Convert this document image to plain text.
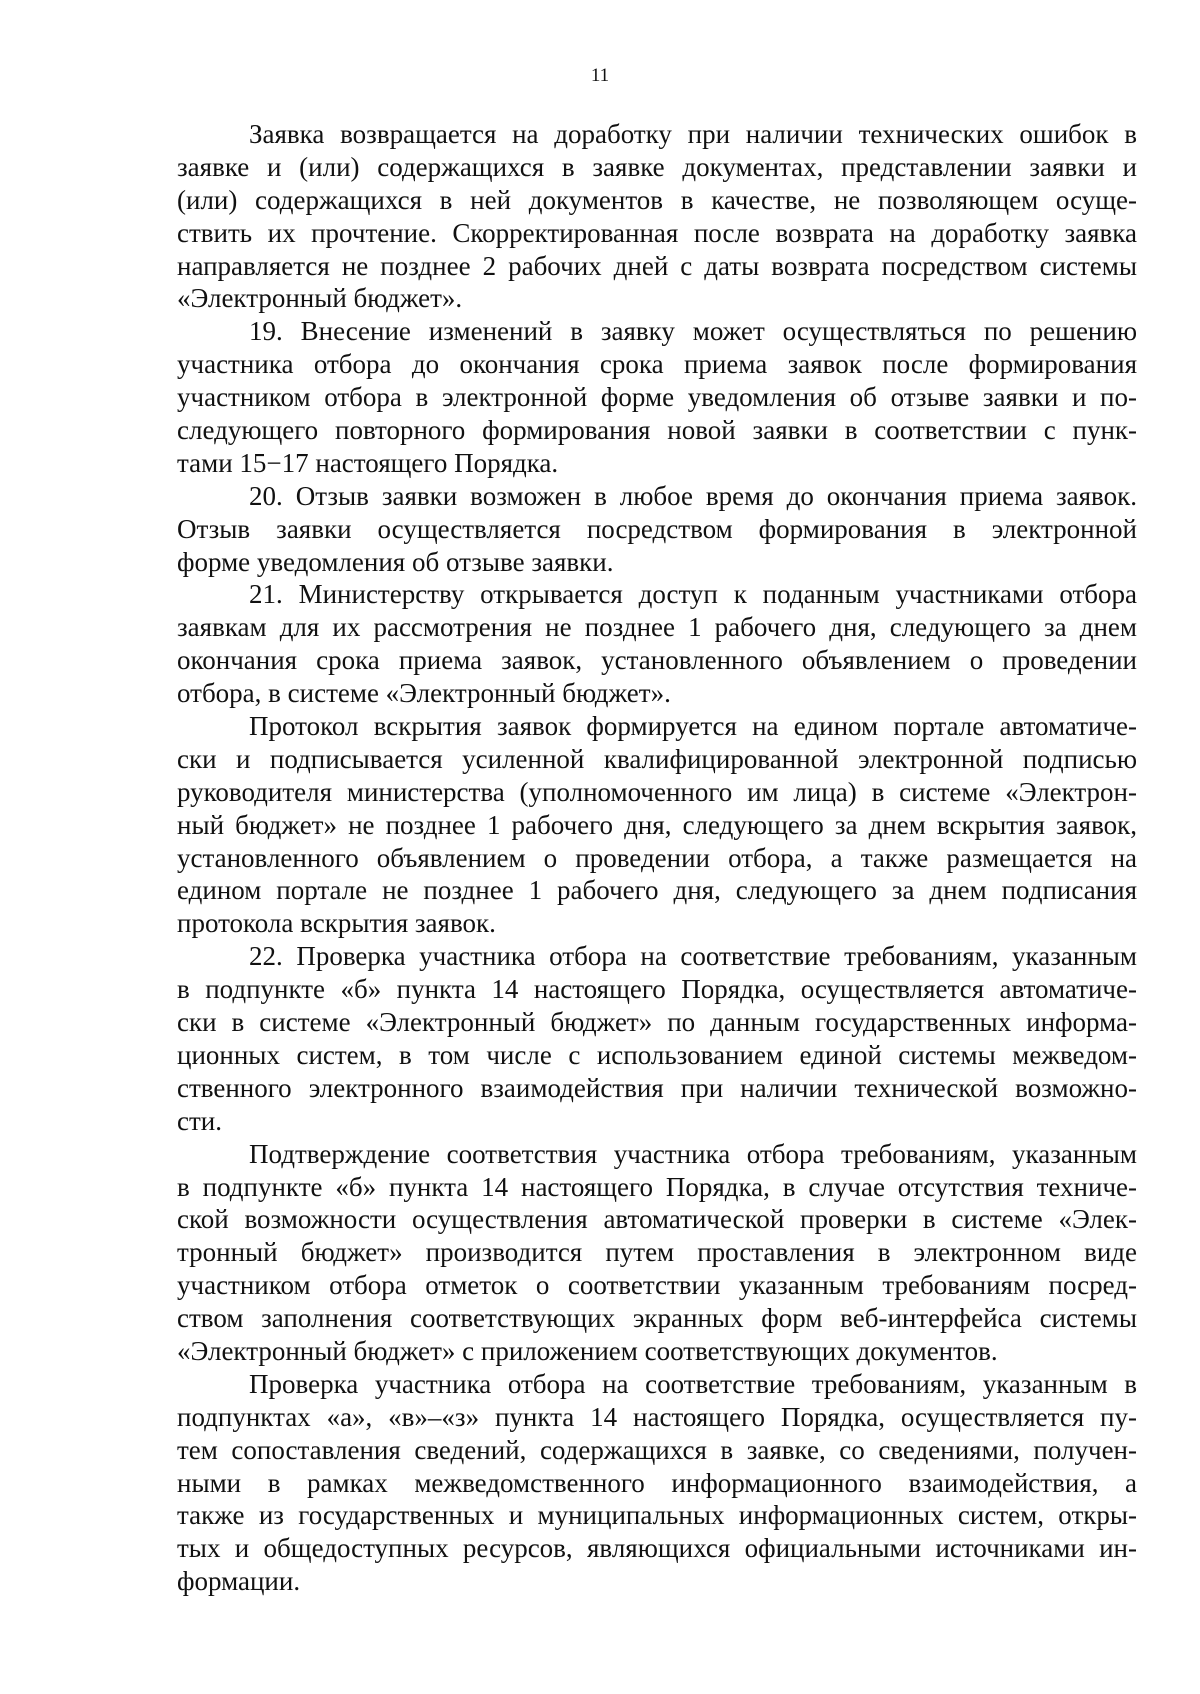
11
Заявка возвращается на доработку при наличии технических ошибок в
заявке и (или) содержащихся в заявке документах, представлении заявки и
(или) содержащихся в ней документов в качестве, не позволяющем осуще-
ствить их прочтение. Скорректированная после возврата на доработку заявка
направляется не позднее 2 рабочих дней с даты возврата посредством системы
«Электронный бюджет».
19. Внесение изменений в заявку может осуществляться по решению
участника отбора до окончания срока приема заявок после формирования
участником отбора в электронной форме уведомления об отзыве заявки и по-
следующего повторного формирования новой заявки в соответствии с пунк-
тами 15−17 настоящего Порядка.
20. Отзыв заявки возможен в любое время до окончания приема заявок.
Отзыв заявки осуществляется посредством формирования в электронной
форме уведомления об отзыве заявки.
21. Министерству открывается доступ к поданным участниками отбора
заявкам для их рассмотрения не позднее 1 рабочего дня, следующего за днем
окончания срока приема заявок, установленного объявлением о проведении
отбора, в системе «Электронный бюджет».
Протокол вскрытия заявок формируется на едином портале автоматиче-
ски и подписывается усиленной квалифицированной электронной подписью
руководителя министерства (уполномоченного им лица) в системе «Электрон-
ный бюджет» не позднее 1 рабочего дня, следующего за днем вскрытия заявок,
установленного объявлением о проведении отбора, а также размещается на
едином портале не позднее 1 рабочего дня, следующего за днем подписания
протокола вскрытия заявок.
22. Проверка участника отбора на соответствие требованиям, указанным
в подпункте «б» пункта 14 настоящего Порядка, осуществляется автоматиче-
ски в системе «Электронный бюджет» по данным государственных информа-
ционных систем, в том числе с использованием единой системы межведом-
ственного электронного взаимодействия при наличии технической возможно-
сти.
Подтверждение соответствия участника отбора требованиям, указанным
в подпункте «б» пункта 14 настоящего Порядка, в случае отсутствия техниче-
ской возможности осуществления автоматической проверки в системе «Элек-
тронный бюджет» производится путем проставления в электронном виде
участником отбора отметок о соответствии указанным требованиям посред-
ством заполнения соответствующих экранных форм веб-интерфейса системы
«Электронный бюджет» с приложением соответствующих документов.
Проверка участника отбора на соответствие требованиям, указанным в
подпунктах «а», «в»–«з» пункта 14 настоящего Порядка, осуществляется пу-
тем сопоставления сведений, содержащихся в заявке, со сведениями, получен-
ными в рамках межведомственного информационного взаимодействия, а
также из государственных и муниципальных информационных систем, откры-
тых и общедоступных ресурсов, являющихся официальными источниками ин-
формации.
